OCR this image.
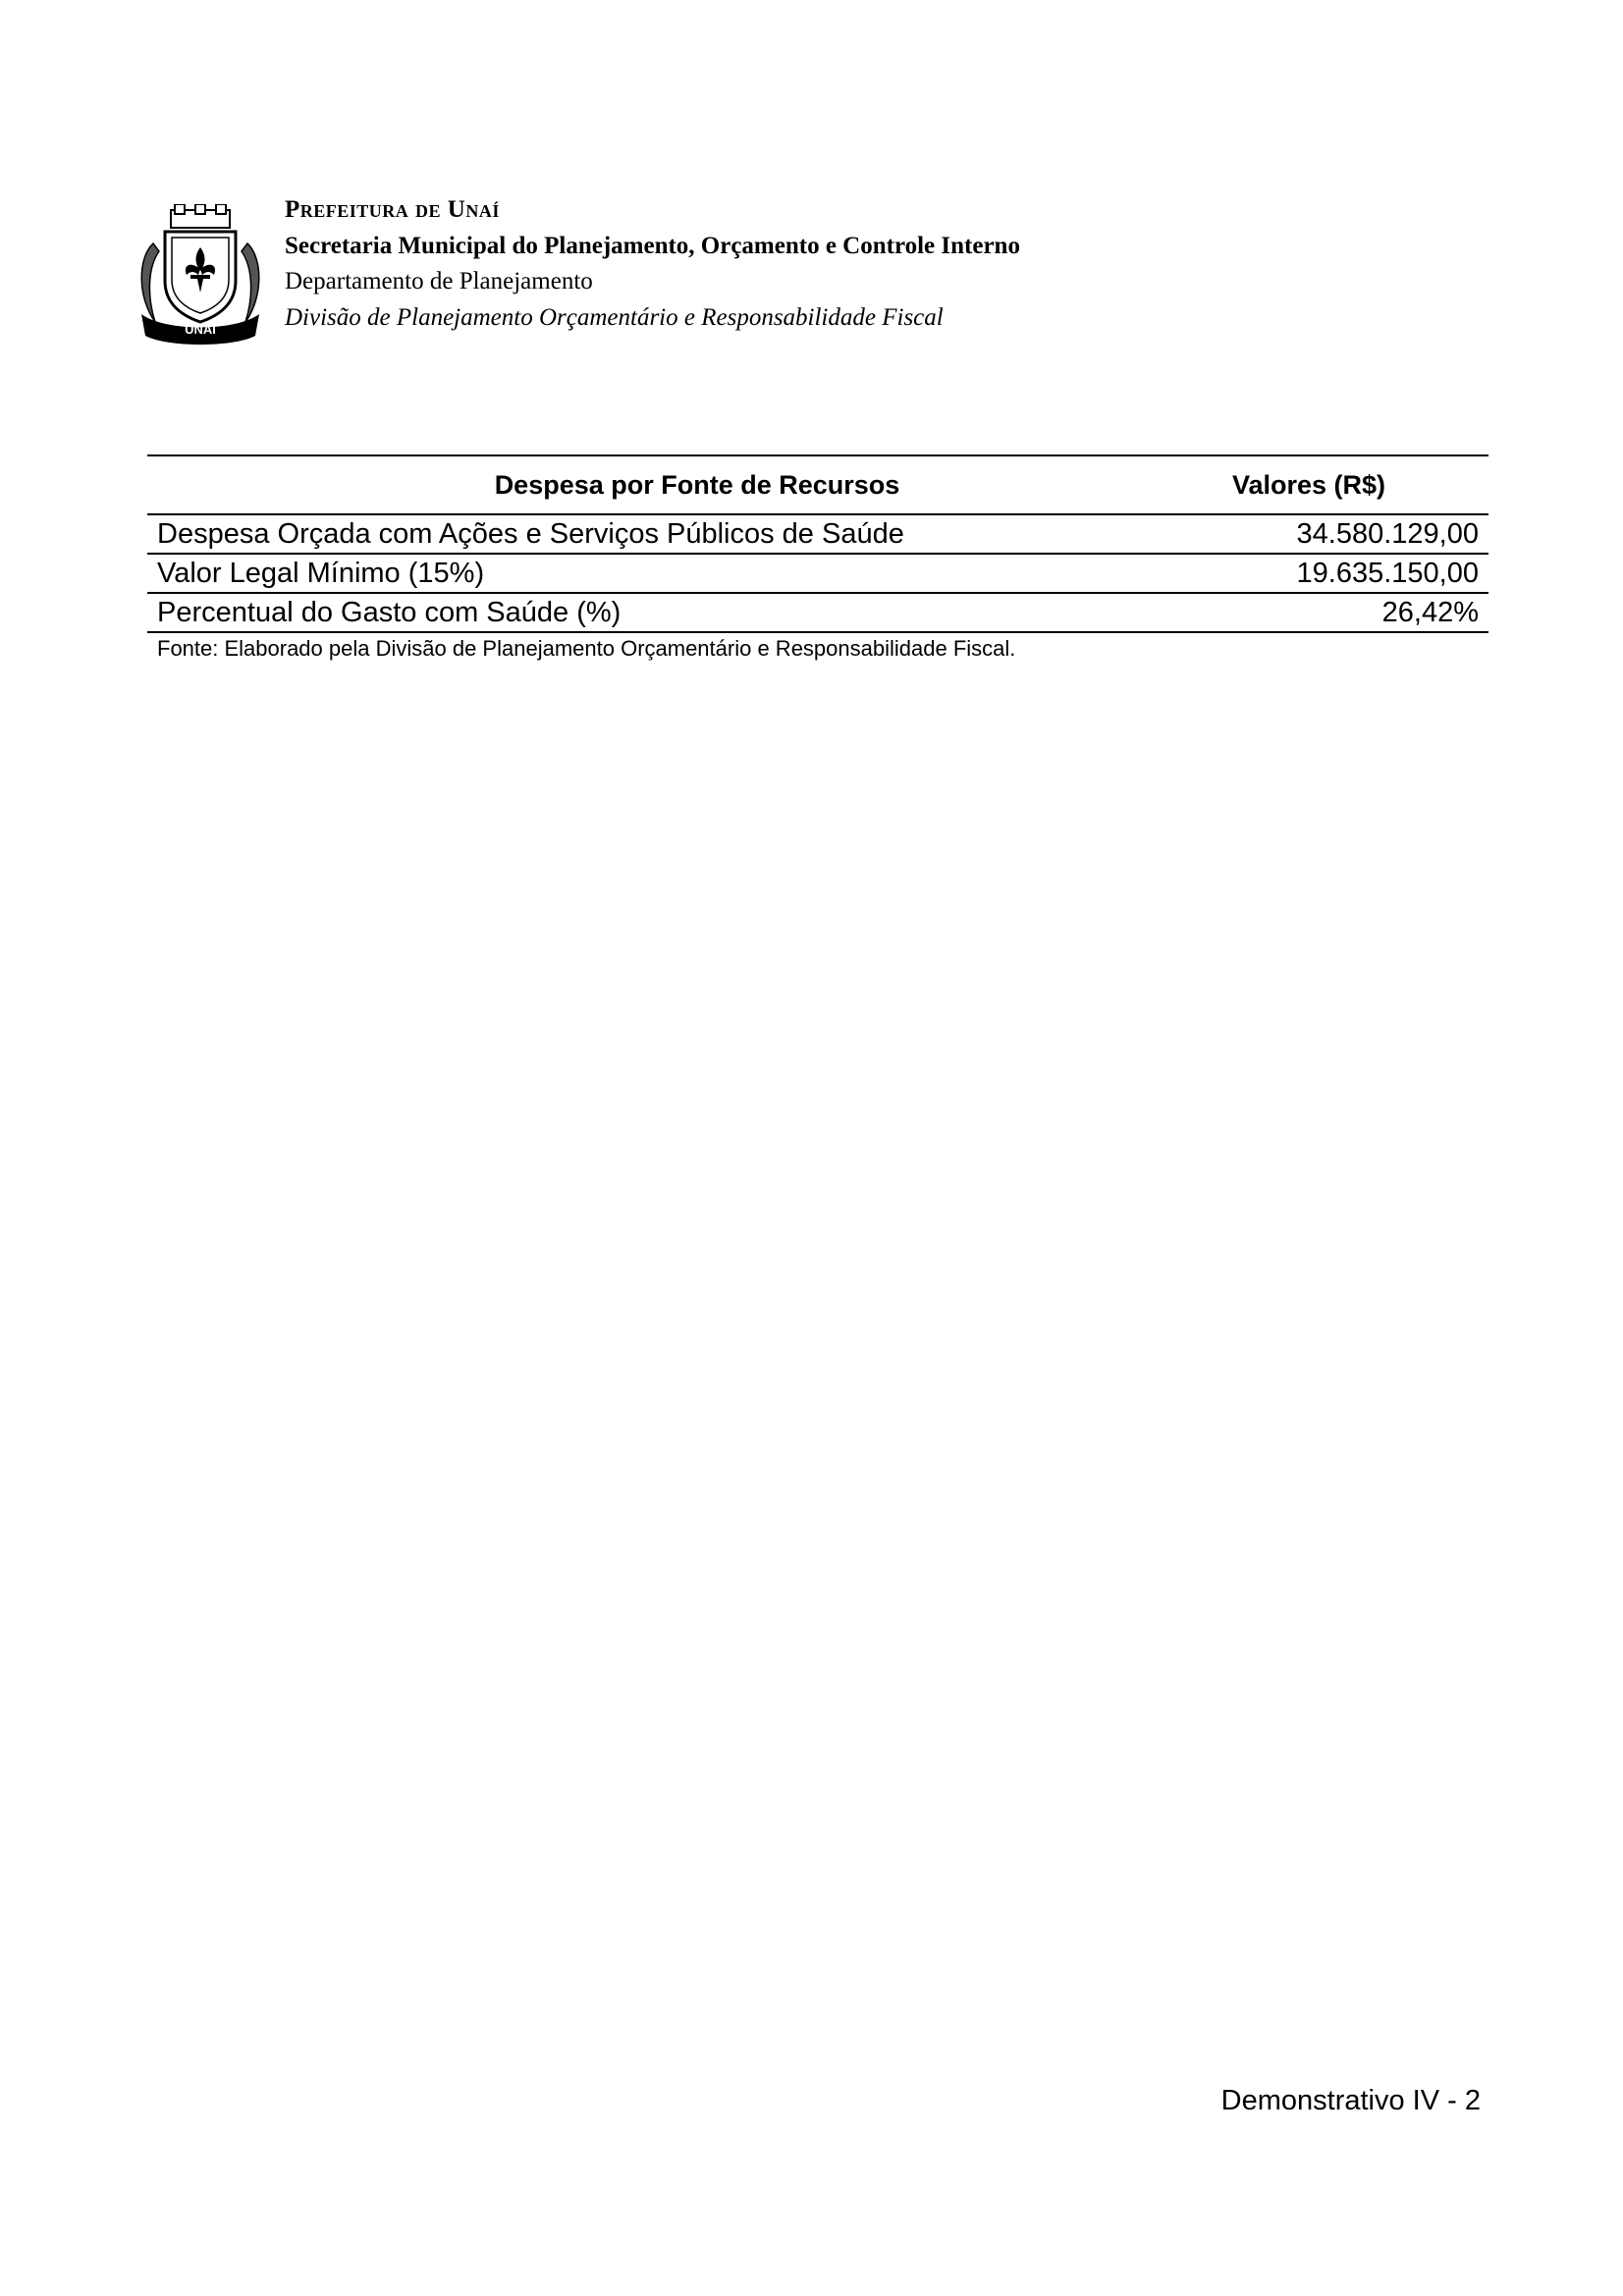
UNAÍ

Prefeitura de Unaí

Secretaria Municipal do Planejamento, Orçamento e Controle Interno

Departamento de Planejamento

Divisão de Planejamento Orçamentário e Responsabilidade Fiscal

Despesa por Fonte de Recursos	Valores (R$)
Despesa Orçada com Ações e Serviços Públicos de Saúde	34.580.129,00
Valor Legal Mínimo (15%)	19.635.150,00
Percentual do Gasto com Saúde (%)	26,42%

Fonte: Elaborado pela Divisão de Planejamento Orçamentário e Responsabilidade Fiscal.

Demonstrativo IV - 2
